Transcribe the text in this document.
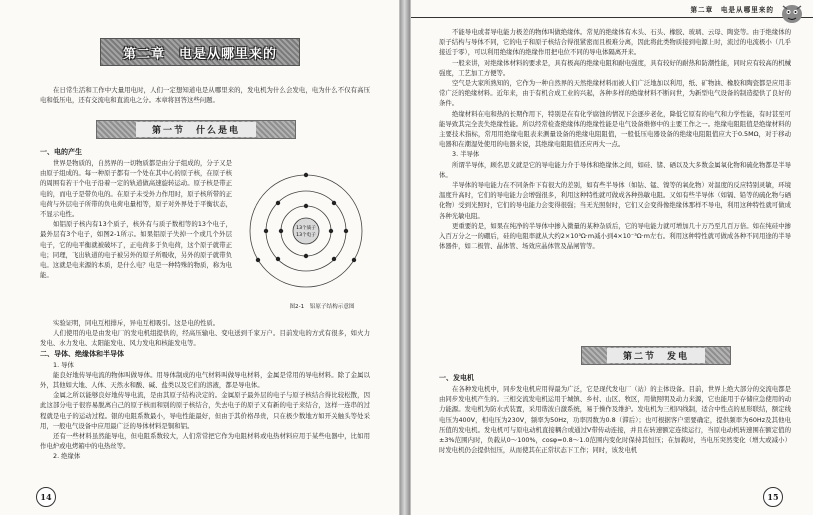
第二章　电是从哪里来的

在日常生活和工作中大量用电时，人们一定想知道电是从哪里来的，发电机为什么会发电，电为什么不仅有高压电和低压电，还有交流电和直流电之分。本章将回答这些问题。

第一节　什么是电

一、电的产生

世界是物质的，自然界的一切物质都是由分子组成的，分子又是由原子组成的。每一种原子都有一个处在其中心的原子核，在原子核的周围有若干个电子沿着一定的轨道做高速旋转运动。原子核是带正电的，而电子是带负电的。在原子未受外力作用时，原子核所带的正电荷与外层电子所带的负电荷电量相等，原子对外界处于平衡状态，不显示电性。

如铝原子核内有13个质子，核外有与质子数相等的13个电子，最外层有3个电子，如图2-1所示。如果铝原子失掉一个或几个外层电子，它的电平衡就被破坏了，正电荷多于负电荷，这个原子就带正电；同理，飞出轨道的电子被另外的原子所吸收，另外的原子就带负电。这就是电来源的本质，是什么电？电是一种特殊的物质，称为电能。

13个质子
13个电子

图2-1　铝原子结构示意图

实验证明，同电互相排斥，异电互相吸引。这是电的性质。

人们使用的电是由发电厂的发电机组提供的，经高压输电、变电送到千家万户。目前发电的方式有很多，如火力发电、水力发电、太阳能发电、风力发电和核能发电等。

二、导体、绝缘体和半导体

1. 导体

能良好地传导电流的物体叫做导体。用导体制成的电气材料叫做导电材料，金属是常用的导电材料。除了金属以外，其他如大地、人体、天然水和酸、碱、盐类以及它们的溶液，都是导电体。

金属之所以能够良好地传导电流，是由其原子结构决定的。金属原子最外层的电子与原子核结合得比较松散，因此这部分电子很容易脱离自己的原子核而和别的原子核结合，失去电子的原子又有新的电子来结合，这样一连串的过程就是电子的运动过程。银的电阻系数最小，导电性能最好，但由于其价格昂贵，只在极少数地方如开关触头等处采用，一般电气设备中应用最广泛的导体材料是铜和铝。

还有一些材料虽然能导电，但电阻系数较大，人们常常把它作为电阻材料或电热材料应用于某些电器中，比如用作电炉或电烤箱中的电热丝等。

2. 绝缘体

14
第二章　电是从哪里来的

不能导电或者导电能力极差的物体叫做绝缘体。常见的绝缘体有木头、石头、橡胶、玻璃、云母、陶瓷等。由于绝缘体的原子结构与导体不同，它的电子和原子核结合得很紧密而且极难分离，因此将此类物质接到电源上时，流过的电流极小（几乎接近于零），可以利用绝缘体的绝缘作用把电位不同的导电体隔离开来。

一般来讲，对绝缘体材料的要求是，具有极高的绝缘电阻和耐电强度，具有较好的耐热和防潮性能，同时应有较高的机械强度，工艺加工方便等。

空气是大家所熟知的，它作为一种自然界的天然绝缘材料而被人们广泛地加以利用，纸、矿物油、橡胶和陶瓷都是应用非常广泛的绝缘材料。近年来，由于有机合成工业的兴起，各种多样的绝缘材料不断问世，为新型电气设备的制造提供了良好的条件。

绝缘材料在电和热的长期作用下，特别是在有化学腐蚀的情况下会逐步老化，降低它原有的电气和力学性能，有时甚至可能导致其完全丧失绝缘性能。所以经常检查绝缘体的绝缘性能是电气设备维修中的主要工作之一。绝缘电阻阻值是绝缘材料的主要技术指标，常用用绝缘电阻表来测量设备的绝缘电阻阻值，一般低压电器设备的绝缘电阻阻值应大于0.5MΩ，对于移动电器和在潮湿处使用的电器来说，其绝缘电阻阻值还应再大一点。

3. 半导体

所谓半导体，顾名思义就是它的导电能力介于导体和绝缘体之间，如硅、锗、硒以及大多数金属氧化物和硫化物都是半导体。

半导体的导电能力在不同条件下有很大的差别，如有些半导体（如钴、锰、镍等的氧化物）对温度的反应特别灵敏，环境温度升高时，它们的导电能力会增强很多，利用这种特性就可做成各种热敏电阻。又如有些半导体（如镉、铅等的硫化物与硒化物）受到光照时，它们的导电能力会变得很强；当无光照射时，它们又会变得像绝缘体那样不导电，利用这种特性就可做成各种光敏电阻。

更重要的是，如果在纯净的半导体中掺入微量的某种杂质后，它的导电能力就可增加几十万乃至几百万倍。如在纯硅中掺入百万分之一的硼后，硅的电阻率就从大约2×10³Ω·m减小到4×10⁻³Ω·m左右。利用这种特性就可做成各种不同用途的半导体器件，如二极管、晶体管、场效应晶体管及晶闸管等。

第二节　发电

一、发电机

在各种发电机中，同步发电机应用得最为广泛，它是现代发电厂（站）的主体设备。目前，世界上绝大部分的交流电都是由同步发电机产生的。三相交流发电机运用于城镇、乡村、山区、牧区，用做照明及动力来源，它也能用于存储应急使用的动力能源。发电机为防水式装置，采用谐波自激系统，易于操作及维护。发电机为三相四线制，适合中性点的星形联结，额定线电压为400V，相电压为230V，频率为50Hz，功率因数为0.8（滞后）；也可根据客户需要确定，提供频率为60Hz及其他电压值的发电机。发电机可与原电动机直接耦合或通过V带传动连接，并且在转速额定连续运行，当原电动机转速围在额定值的±3%范围内时，负载从0～100%，cosφ=0.8～1.0范围内变化时保持其恒压；在加载时，当电压突然变化（增大或减小）时发电机仍会提供恒压，从而使其在正常状态下工作；同时，该发电机

15
